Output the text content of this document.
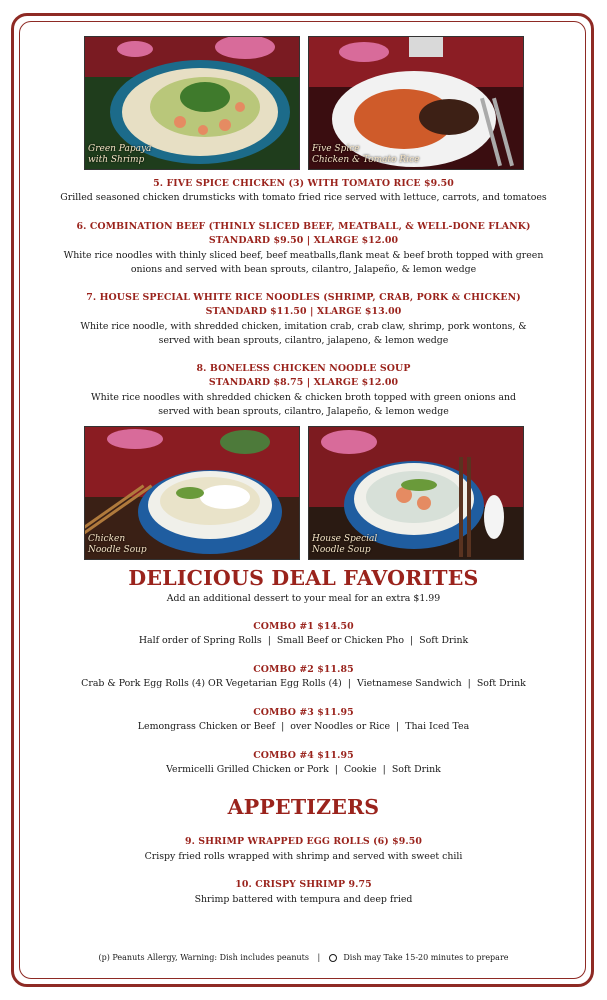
Green Papaya
with Shrimp
Five Spice
Chicken & Tomato Rice
5. FIVE SPICE CHICKEN (3) WITH TOMATO RICE $9.50
Grilled seasoned chicken drumsticks with tomato fried rice served with lettuce, carrots, and tomatoes
6. COMBINATION BEEF (THINLY SLICED BEEF, MEATBALL, & WELL-DONE FLANK)
STANDARD $9.50 | XLARGE $12.00
White rice noodles with thinly sliced beef, beef meatballs,flank meat & beef broth topped with green
onions and served with bean sprouts, cilantro, Jalapeño, & lemon wedge
7. HOUSE SPECIAL WHITE RICE NOODLES (SHRIMP, CRAB, PORK & CHICKEN)
STANDARD $11.50 | XLARGE $13.00
White rice noodle, with shredded chicken, imitation crab, crab claw, shrimp, pork wontons, &
served with bean sprouts, cilantro, jalapeno, & lemon wedge
8. BONELESS CHICKEN NOODLE SOUP
STANDARD $8.75 | XLARGE $12.00
White rice noodles with shredded chicken & chicken broth topped with green onions and
served with bean sprouts, cilantro, Jalapeño, & lemon wedge
Chicken
Noodle Soup
House Special
Noodle Soup
DELICIOUS DEAL FAVORITES
Add an additional dessert to your meal for an extra $1.99
COMBO #1 $14.50
Half order of Spring Rolls | Small Beef or Chicken Pho | Soft Drink
COMBO #2 $11.85
Crab & Pork Egg Rolls (4) OR Vegetarian Egg Rolls (4) | Vietnamese Sandwich | Soft Drink
COMBO #3 $11.95
Lemongrass Chicken or Beef | over Noodles or Rice | Thai Iced Tea
COMBO #4 $11.95
Vermicelli Grilled Chicken or Pork | Cookie | Soft Drink
APPETIZERS
9. SHRIMP WRAPPED EGG ROLLS (6) $9.50
Crispy fried rolls wrapped with shrimp and served with sweet chili
10. CRISPY SHRIMP 9.75
Shrimp battered with tempura and deep fried
(p) Peanuts Allergy, Warning: Dish includes peanuts |	Dish may Take 15-20 minutes to prepare
